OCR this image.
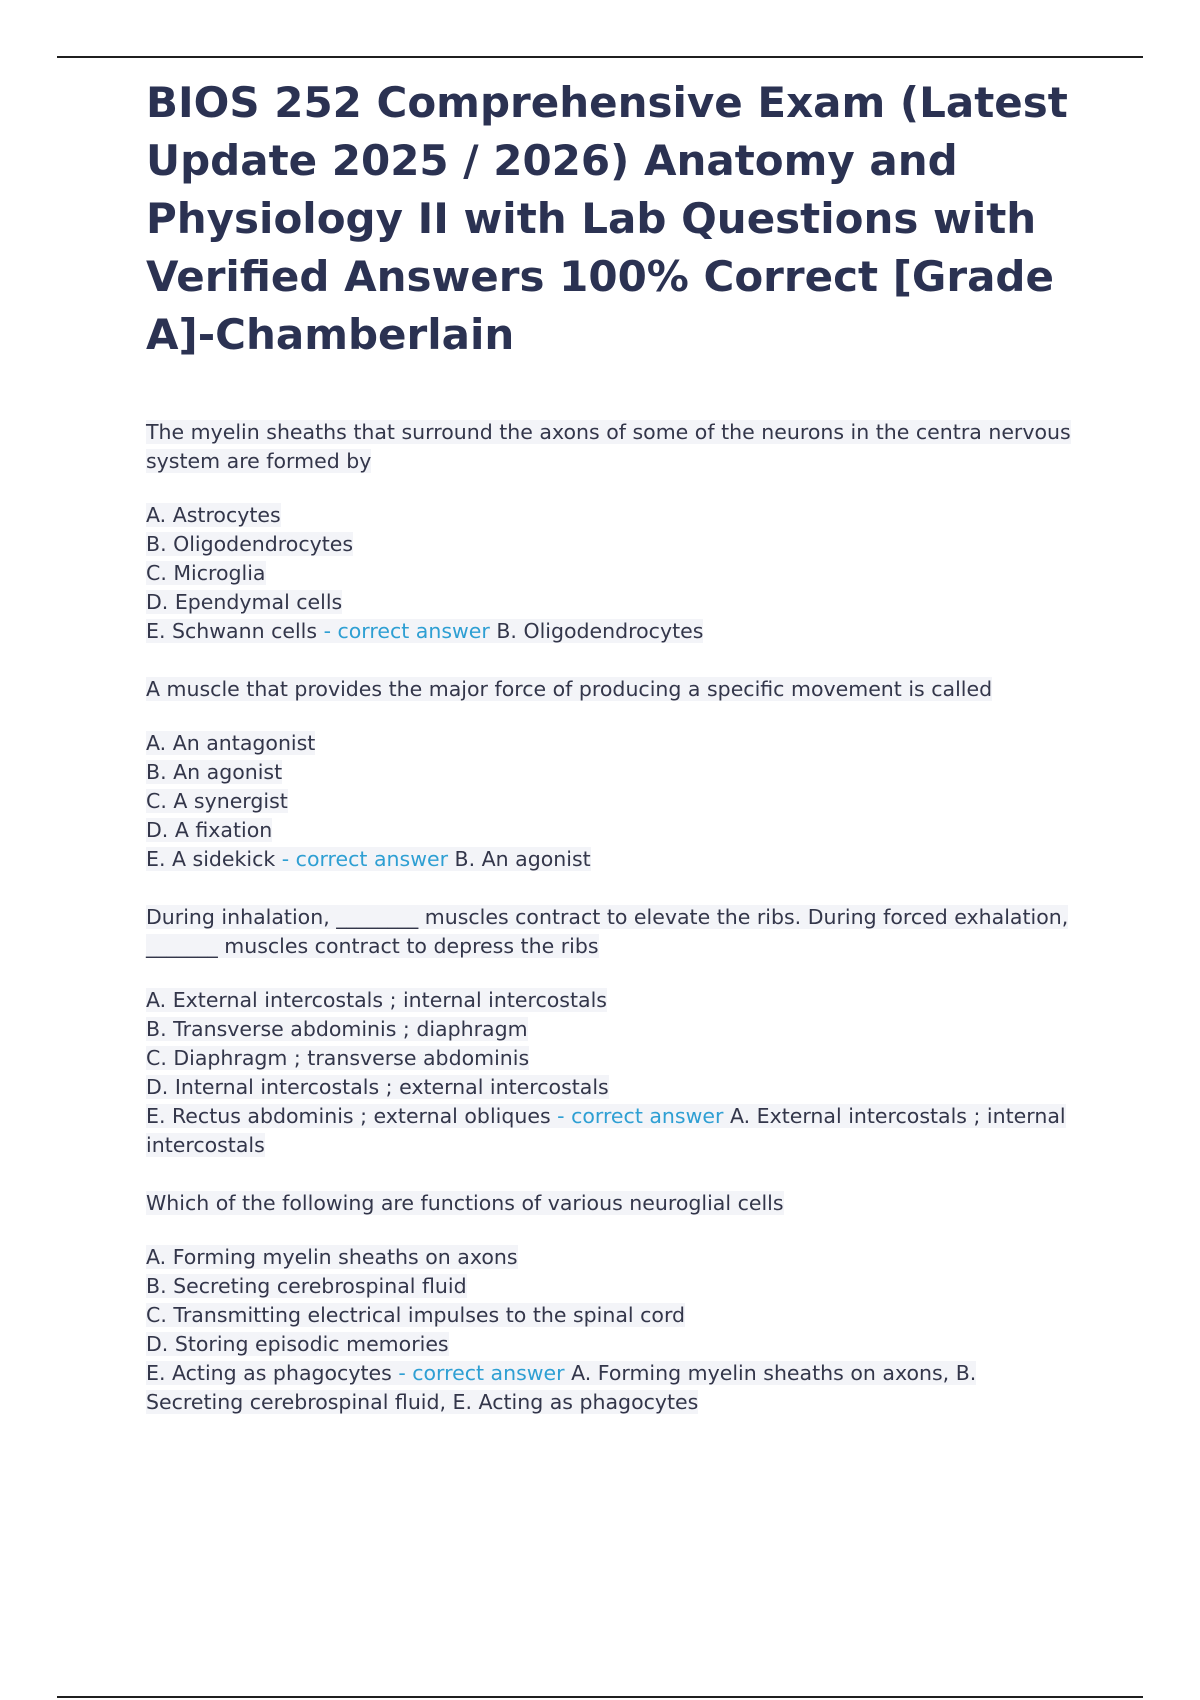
BIOS 252 Comprehensive Exam (Latest Update 2025 / 2026) Anatomy and Physiology II with Lab Questions with Verified Answers 100% Correct [Grade A]-Chamberlain

The myelin sheaths that surround the axons of some of the neurons in the centra nervous system are formed by

A. Astrocytes
B. Oligodendrocytes
C. Microglia
D. Ependymal cells
E. Schwann cells - correct answer B. Oligodendrocytes

A muscle that provides the major force of producing a specific movement is called

A. An antagonist
B. An agonist
C. A synergist
D. A fixation
E. A sidekick - correct answer B. An agonist

During inhalation, ________ muscles contract to elevate the ribs. During forced exhalation, _______ muscles contract to depress the ribs

A. External intercostals ; internal intercostals
B. Transverse abdominis ; diaphragm
C. Diaphragm ; transverse abdominis
D. Internal intercostals ; external intercostals
E. Rectus abdominis ; external obliques - correct answer A. External intercostals ; internal intercostals

Which of the following are functions of various neuroglial cells

A. Forming myelin sheaths on axons
B. Secreting cerebrospinal fluid
C. Transmitting electrical impulses to the spinal cord
D. Storing episodic memories
E. Acting as phagocytes - correct answer A. Forming myelin sheaths on axons, B. Secreting cerebrospinal fluid, E. Acting as phagocytes
